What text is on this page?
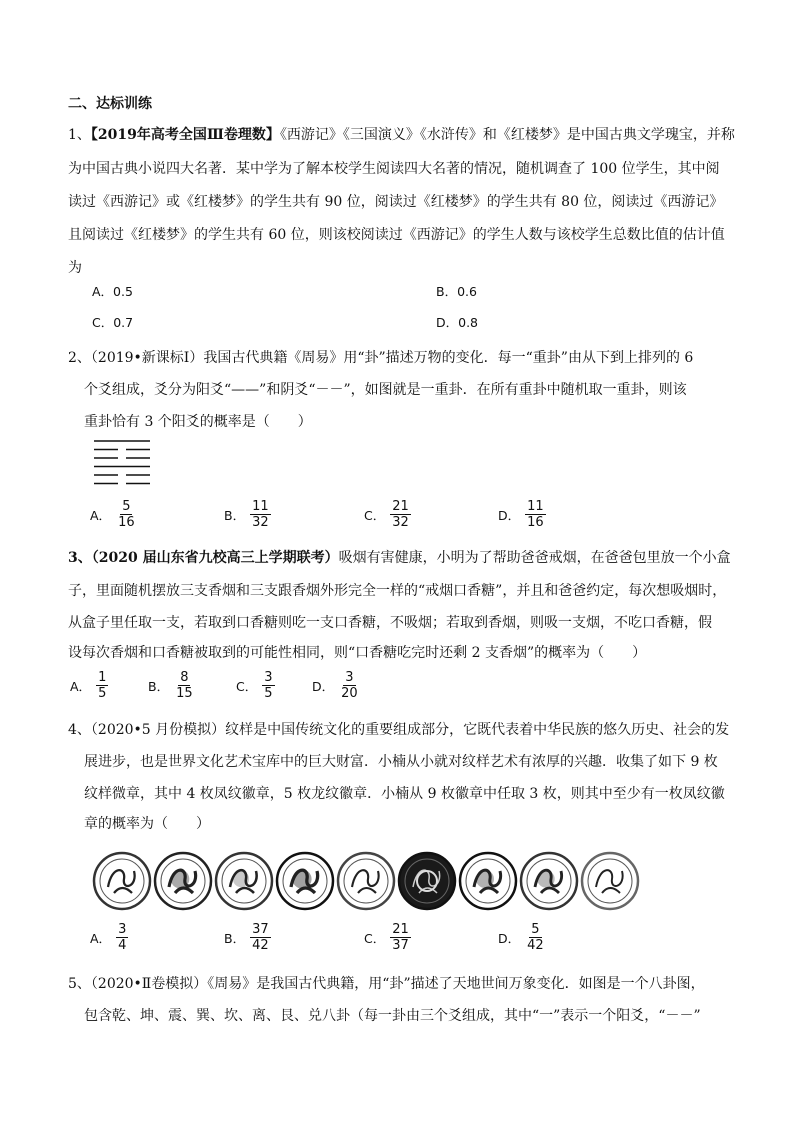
二、达标训练
1、【2019年高考全国Ⅲ卷理数】《西游记》《三国演义》《水浒传》和《红楼梦》是中国古典文学瑰宝，并称
为中国古典小说四大名著．某中学为了解本校学生阅读四大名著的情况，随机调查了 100 位学生，其中阅
读过《西游记》或《红楼梦》的学生共有 90 位，阅读过《红楼梦》的学生共有 80 位，阅读过《西游记》
且阅读过《红楼梦》的学生共有 60 位，则该校阅读过《西游记》的学生人数与该校学生总数比值的估计值
为
A．0.5	B．0.6
C．0.7	D．0.8
2、（2019•新课标Ⅰ）我国古代典籍《周易》用“卦”描述万物的变化．每一“重卦”由从下到上排列的 6
个爻组成，爻分为阳爻“——”和阴爻“－－”，如图就是一重卦．在所有重卦中随机取一重卦，则该
重卦恰有 3 个阳爻的概率是（　　）
A． $\frac{5}{16}$	B． $\frac{11}{32}$	C． $\frac{21}{32}$	D． $\frac{11}{16}$
3、（2020 届山东省九校高三上学期联考）吸烟有害健康，小明为了帮助爸爸戒烟，在爸爸包里放一个小盒
子，里面随机摆放三支香烟和三支跟香烟外形完全一样的“戒烟口香糖”，并且和爸爸约定，每次想吸烟时，
从盒子里任取一支，若取到口香糖则吃一支口香糖，不吸烟；若取到香烟，则吸一支烟，不吃口香糖，假
设每次香烟和口香糖被取到的可能性相同，则“口香糖吃完时还剩 2 支香烟”的概率为（　　）
A． $\frac{1}{5}$	B． $\frac{8}{15}$	C． $\frac{3}{5}$	D． $\frac{3}{20}$
4、（2020•5 月份模拟）纹样是中国传统文化的重要组成部分，它既代表着中华民族的悠久历史、社会的发
展进步，也是世界文化艺术宝库中的巨大财富．小楠从小就对纹样艺术有浓厚的兴趣．收集了如下 9 枚
纹样微章，其中 4 枚凤纹徽章，5 枚龙纹徽章．小楠从 9 枚徽章中任取 3 枚，则其中至少有一枚凤纹徽
章的概率为（　　）
A． $\frac{3}{4}$	B． $\frac{37}{42}$	C． $\frac{21}{37}$	D． $\frac{5}{42}$
5、（2020•Ⅱ卷模拟）《周易》是我国古代典籍，用“卦”描述了天地世间万象变化．如图是一个八卦图，
包含乾、坤、震、巽、坎、离、艮、兑八卦（每一卦由三个爻组成，其中“一”表示一个阳爻，“－－”
